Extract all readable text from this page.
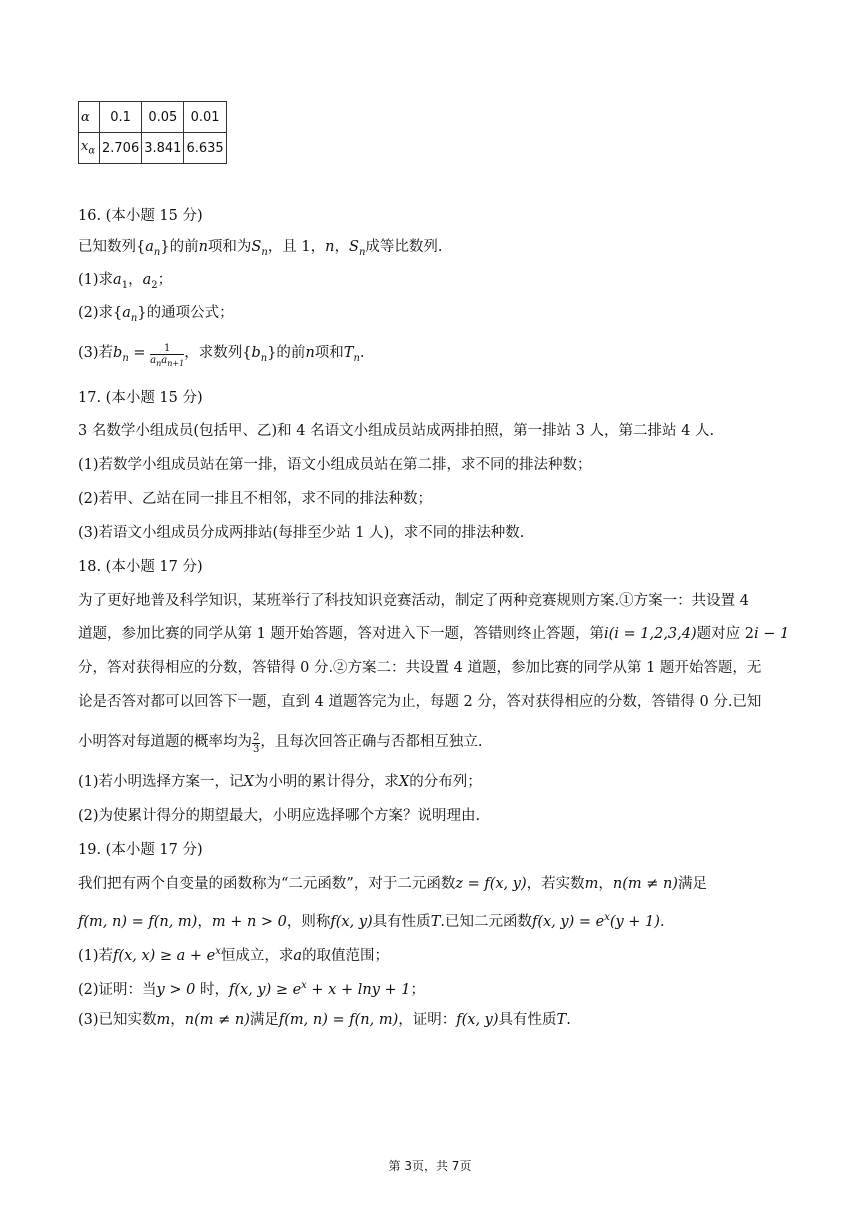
α	0.1	0.05	0.01
$x_\alpha$	2.706	3.841	6.635
16. (本小题 15 分)
已知数列$\{a_n\}$的前n项和为$S_n$，且 1，n，$S_n$成等比数列.
(1)求$a_1$，$a_2$；
(2)求$\{a_n\}$的通项公式；
(3)若$b_n = \frac{1}{a_na_{n+1}}$ ，求数列$\{b_n\}$的前n项和$T_n$.
17. (本小题 15 分)
3 名数学小组成员(包括甲、乙)和 4 名语文小组成员站成两排拍照，第一排站 3 人，第二排站 4 人.
(1)若数学小组成员站在第一排，语文小组成员站在第二排，求不同的排法种数；
(2)若甲、乙站在同一排且不相邻，求不同的排法种数；
(3)若语文小组成员分成两排站(每排至少站 1 人)，求不同的排法种数.
18. (本小题 17 分)
为了更好地普及科学知识，某班举行了科技知识竞赛活动，制定了两种竞赛规则方案.①方案一：共设置 4
道题，参加比赛的同学从第 1 题开始答题，答对进入下一题，答错则终止答题，第i(i = 1,2,3,4)题对应 2i − 1
分，答对获得相应的分数，答错得 0 分.②方案二：共设置 4 道题，参加比赛的同学从第 1 题开始答题，无
论是否答对都可以回答下一题，直到 4 道题答完为止，每题 2 分，答对获得相应的分数，答错得 0 分.已知
小明答对每道题的概率均为 $\frac{2}{3}$ ，且每次回答正确与否都相互独立.
(1)若小明选择方案一，记X为小明的累计得分，求X的分布列；
(2)为使累计得分的期望最大，小明应选择哪个方案？说明理由.
19. (本小题 17 分)
我们把有两个自变量的函数称为“二元函数”，对于二元函数z = f(x, y)，若实数m，n(m ≠ n)满足
f(m, n) = f(n, m)，m + n > 0，则称f(x, y)具有性质T.已知二元函数f(x, $y) = e^x(y + 1)$.
(1)若f(x, $x) \ge a + e^x$恒成立，求a的取值范围；
(2)证明：当y > 0 时，f(x, $y) \ge e^x + x + \ln y + 1$；
(3)已知实数m，n(m ≠ n)满足f(m, n) = f(n, m)，证明：f(x, y)具有性质T.
第 3页，共 7页
